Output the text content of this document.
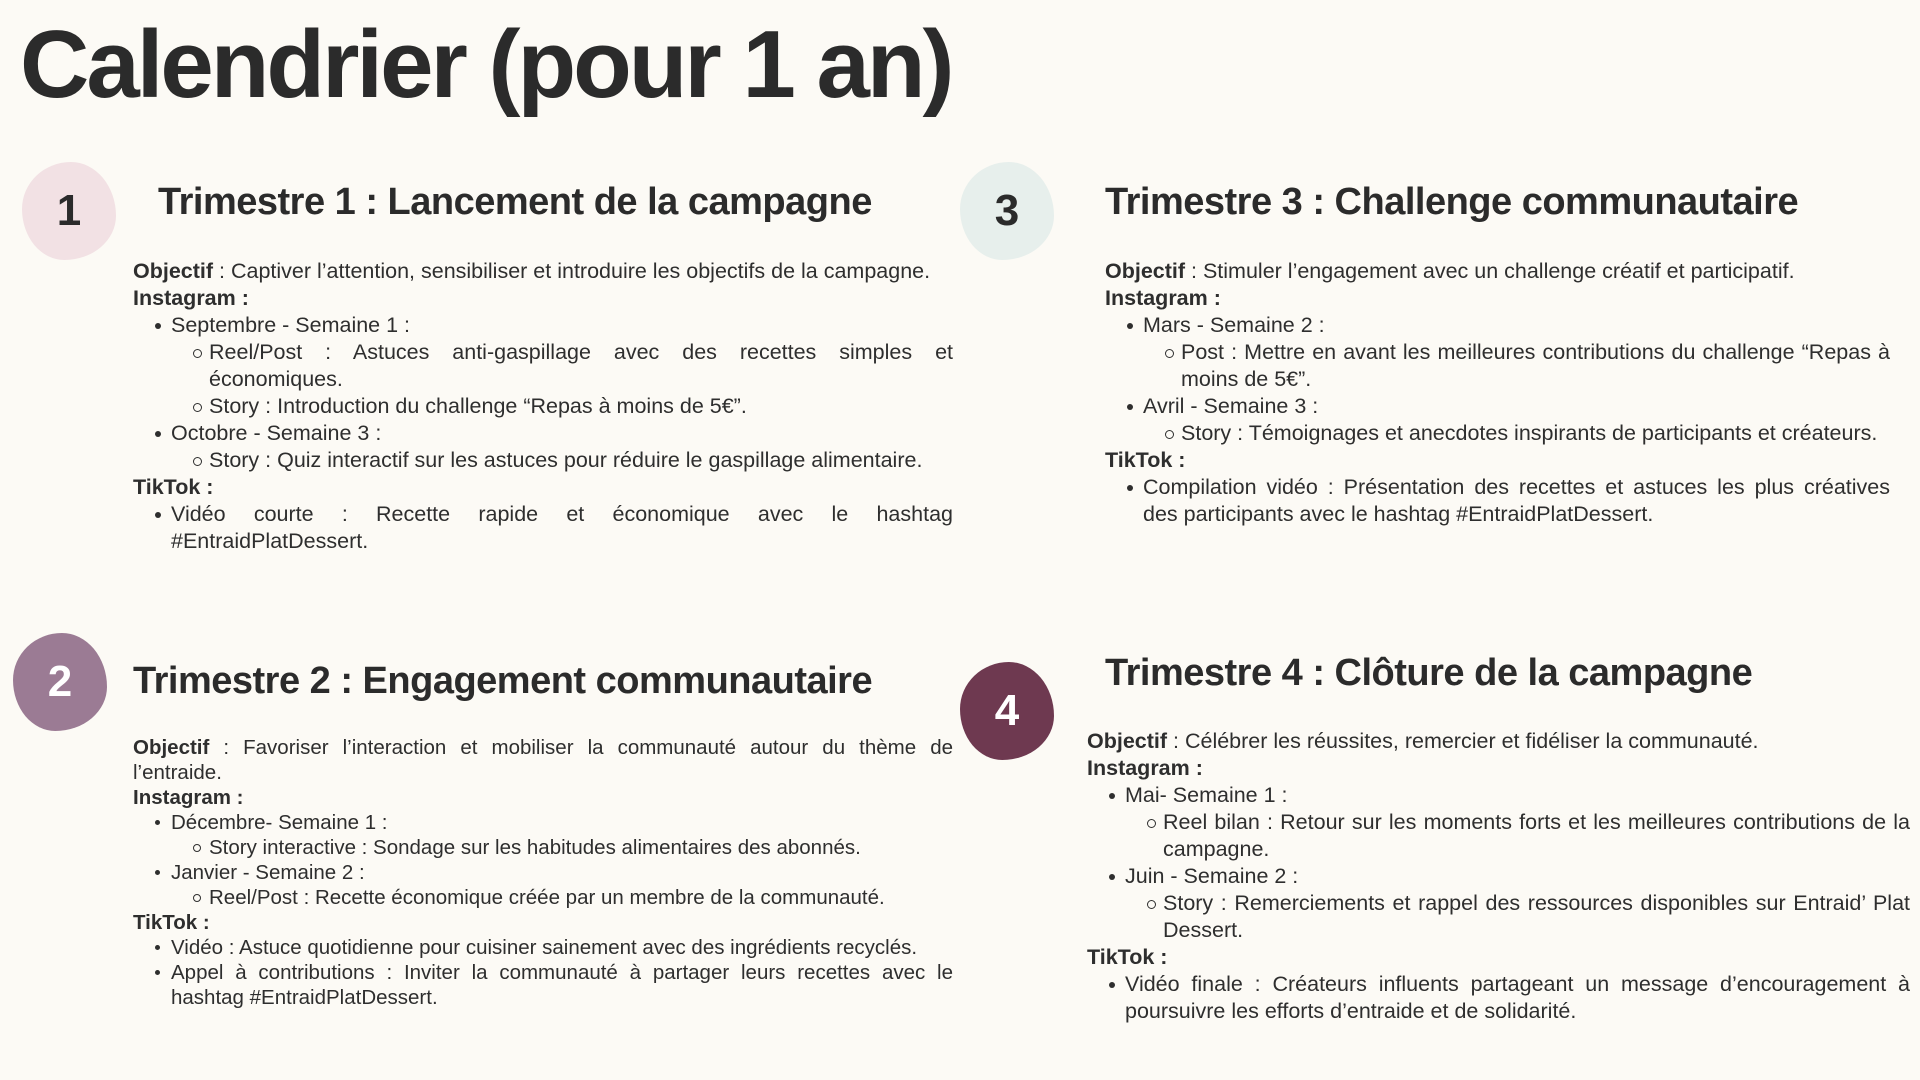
Calendrier (pour 1 an)
1	Trimestre 1 : Lancement de la campagne

Objectif : Captiver l’attention, sensibiliser et introduire les objectifs de la campagne.

Instagram :

Septembre - Semaine 1 :
Reel/Post : Astuces anti-gaspillage avec des recettes simples et économiques.
Story : Introduction du challenge “Repas à moins de 5€”.
Octobre - Semaine 3 :
Story : Quiz interactif sur les astuces pour réduire le gaspillage alimentaire.

TikTok :

Vidéo courte : Recette rapide et économique avec le hashtag #EntraidPlatDessert.
2	Trimestre 2 : Engagement communautaire

Objectif : Favoriser l’interaction et mobiliser la communauté autour du thème de l’entraide.

Instagram :

Décembre- Semaine 1 :
Story interactive : Sondage sur les habitudes alimentaires des abonnés.
Janvier - Semaine 2 :
Reel/Post : Recette économique créée par un membre de la communauté.

TikTok :

Vidéo : Astuce quotidienne pour cuisiner sainement avec des ingrédients recyclés.
Appel à contributions : Inviter la communauté à partager leurs recettes avec le hashtag #EntraidPlatDessert.
3	Trimestre 3 : Challenge communautaire

Objectif : Stimuler l’engagement avec un challenge créatif et participatif.

Instagram :

Mars - Semaine 2 :
Post : Mettre en avant les meilleures contributions du challenge “Repas à moins de 5€”.
Avril - Semaine 3 :
Story : Témoignages et anecdotes inspirants de participants et créateurs.

TikTok :

Compilation vidéo : Présentation des recettes et astuces les plus créatives des participants avec le hashtag #EntraidPlatDessert.
4
Trimestre 4 : Clôture de la campagne

Objectif : Célébrer les réussites, remercier et fidéliser la communauté.

Instagram :

Mai- Semaine 1 :
Reel bilan : Retour sur les moments forts et les meilleures contributions de la campagne.
Juin - Semaine 2 :
Story : Remerciements et rappel des ressources disponibles sur Entraid’ Plat Dessert.

TikTok :

Vidéo finale : Créateurs influents partageant un message d’encouragement à poursuivre les efforts d’entraide et de solidarité.
